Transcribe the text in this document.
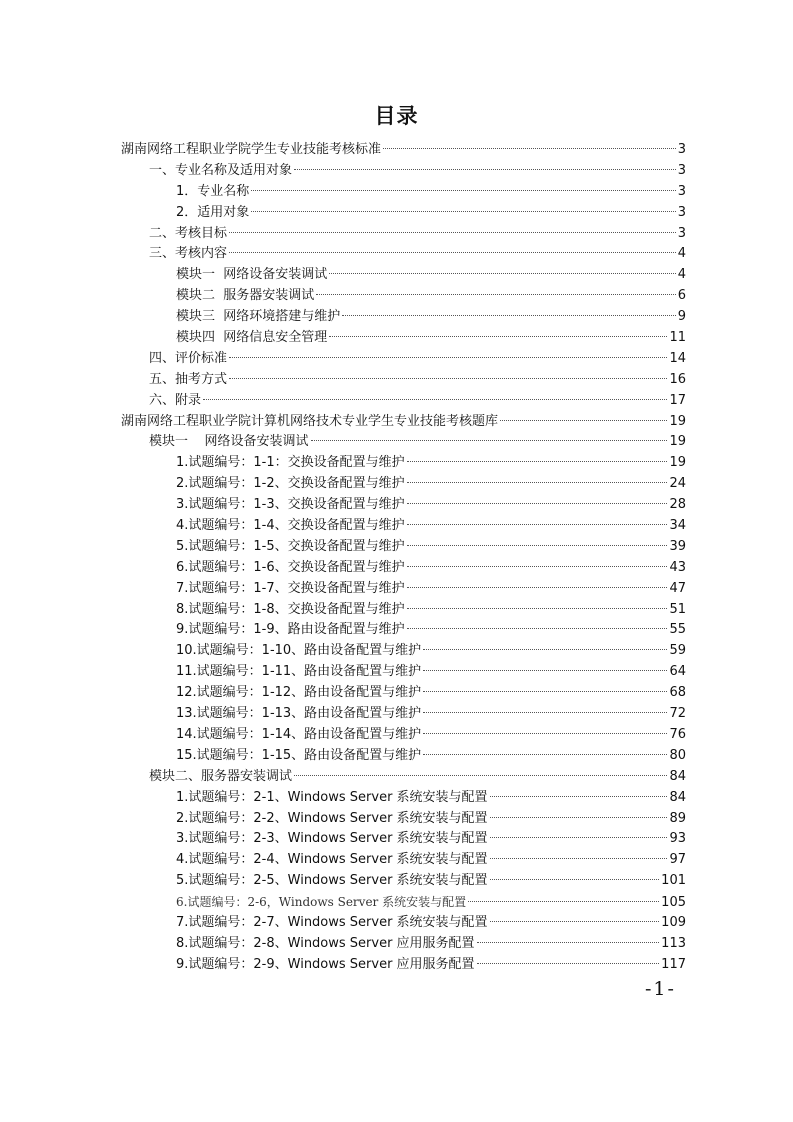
目录
湖南网络工程职业学院学生专业技能考核标准	3
一、专业名称及适用对象	3
1．专业名称	3
2．适用对象	3
二、考核目标	3
三、考核内容	4
模块一  网络设备安装调试	4
模块二  服务器安装调试	6
模块三  网络环境搭建与维护	9
模块四  网络信息安全管理	11
四、评价标准	14
五、抽考方式	16
六、附录	17
湖南网络工程职业学院计算机网络技术专业学生专业技能考核题库	19
模块一    网络设备安装调试	19
1.试题编号：1-1：交换设备配置与维护	19
2.试题编号：1-2、交换设备配置与维护	24
3.试题编号：1-3、交换设备配置与维护	28
4.试题编号：1-4、交换设备配置与维护	34
5.试题编号：1-5、交换设备配置与维护	39
6.试题编号：1-6、交换设备配置与维护	43
7.试题编号：1-7、交换设备配置与维护	47
8.试题编号：1-8、交换设备配置与维护	51
9.试题编号：1-9、路由设备配置与维护	55
10.试题编号：1-10、路由设备配置与维护	59
11.试题编号：1-11、路由设备配置与维护	64
12.试题编号：1-12、路由设备配置与维护	68
13.试题编号：1-13、路由设备配置与维护	72
14.试题编号：1-14、路由设备配置与维护	76
15.试题编号：1-15、路由设备配置与维护	80
模块二、服务器安装调试	84
1.试题编号：2-1、Windows Server 系统安装与配置	84
2.试题编号：2-2、Windows Server 系统安装与配置	89
3.试题编号：2-3、Windows Server 系统安装与配置	93
4.试题编号：2-4、Windows Server 系统安装与配置	97
5.试题编号：2-5、Windows Server 系统安装与配置	101
6.试题编号：2-6，Windows Server 系统安装与配置	105
7.试题编号：2-7、Windows Server 系统安装与配置	109
8.试题编号：2-8、Windows Server 应用服务配置	113
9.试题编号：2-9、Windows Server 应用服务配置	117
-1-
